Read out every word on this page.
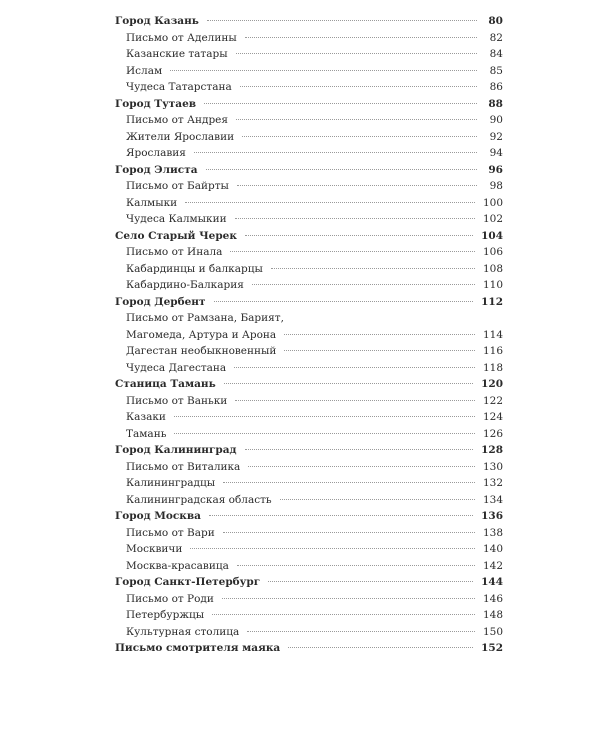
Город Казань	80
Письмо от Аделины	82
Казанские татары	84
Ислам	85
Чудеса Татарстана	86
Город Тутаев	88
Письмо от Андрея	90
Жители Ярославии	92
Ярославия	94
Город Элиста	96
Письмо от Байрты	98
Калмыки	100
Чудеса Калмыкии	102
Село Старый Черек	104
Письмо от Инала	106
Кабардинцы и балкарцы	108
Кабардино-Балкария	110
Город Дербент	112
Письмо от Рамзана, Барият,
Магомеда, Артура и Арона	114
Дагестан необыкновенный	116
Чудеса Дагестана	118
Станица Тамань	120
Письмо от Ваньки	122
Казаки	124
Тамань	126
Город Калининград	128
Письмо от Виталика	130
Калининградцы	132
Калининградская область	134
Город Москва	136
Письмо от Вари	138
Москвичи	140
Москва-красавица	142
Город Санкт-Петербург	144
Письмо от Роди	146
Петербуржцы	148
Культурная столица	150
Письмо смотрителя маяка	152
